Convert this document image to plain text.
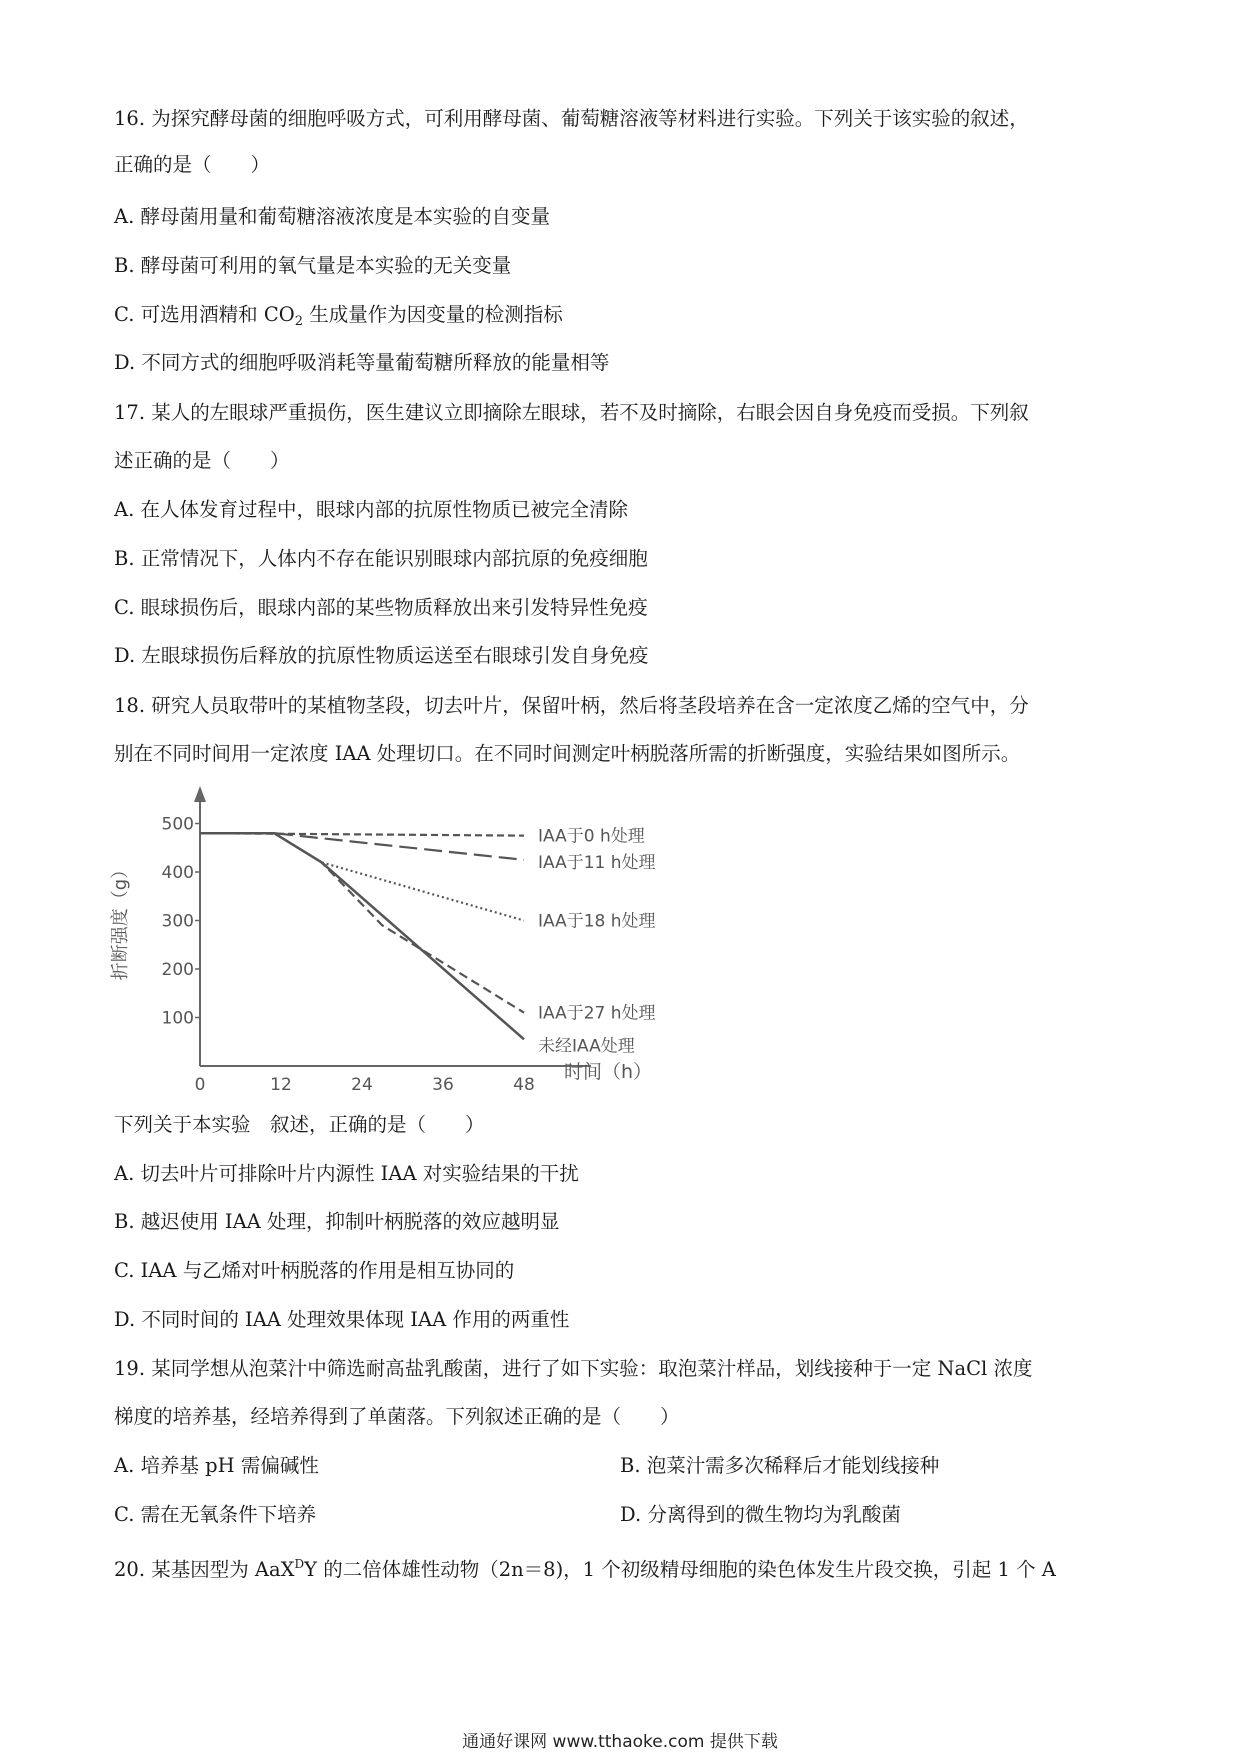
16. 为探究酵母菌的细胞呼吸方式，可利用酵母菌、葡萄糖溶液等材料进行实验。下列关于该实验的叙述，
正确的是（　　）
A. 酵母菌用量和葡萄糖溶液浓度是本实验的自变量
B. 酵母菌可利用的氧气量是本实验的无关变量
C. 可选用酒精和 $CO_2$ 生成量作为因变量的检测指标
D. 不同方式的细胞呼吸消耗等量葡萄糖所释放的能量相等
17. 某人的左眼球严重损伤，医生建议立即摘除左眼球，若不及时摘除，右眼会因自身免疫而受损。下列叙
述正确的是（　　）
A. 在人体发育过程中，眼球内部的抗原性物质已被完全清除
B. 正常情况下，人体内不存在能识别眼球内部抗原的免疫细胞
C. 眼球损伤后，眼球内部的某些物质释放出来引发特异性免疫
D. 左眼球损伤后释放的抗原性物质运送至右眼球引发自身免疫
18. 研究人员取带叶的某植物茎段，切去叶片，保留叶柄，然后将茎段培养在含一定浓度乙烯的空气中，分
别在不同时间用一定浓度 IAA 处理切口。在不同时间测定叶柄脱落所需的折断强度，实验结果如图所示。
100
200
300
400
500
0	12	24	36	48
IAA于0 h处理
IAA于11 h处理
IAA于18 h处理
IAA于27 h处理
未经IAA处理
折断强度（g）
时间（h）
下列关于本实验　叙述，正确的是（　　）
A. 切去叶片可排除叶片内源性 IAA 对实验结果的干扰
B. 越迟使用 IAA 处理，抑制叶柄脱落的效应越明显
C. IAA 与乙烯对叶柄脱落的作用是相互协同的
D. 不同时间的 IAA 处理效果体现 IAA 作用的两重性
19. 某同学想从泡菜汁中筛选耐高盐乳酸菌，进行了如下实验：取泡菜汁样品，划线接种于一定 NaCl 浓度
梯度的培养基，经培养得到了单菌落。下列叙述正确的是（　　）
A. 培养基 pH 需偏碱性	B. 泡菜汁需多次稀释后才能划线接种
C. 需在无氧条件下培养	D. 分离得到的微生物均为乳酸菌
20. 某基因型为 AaX$^D$Y 的二倍体雄性动物（2n＝8)，1 个初级精母细胞的染色体发生片段交换，引起 1 个 A
通通好课网 www.tthaoke.com 提供下载
